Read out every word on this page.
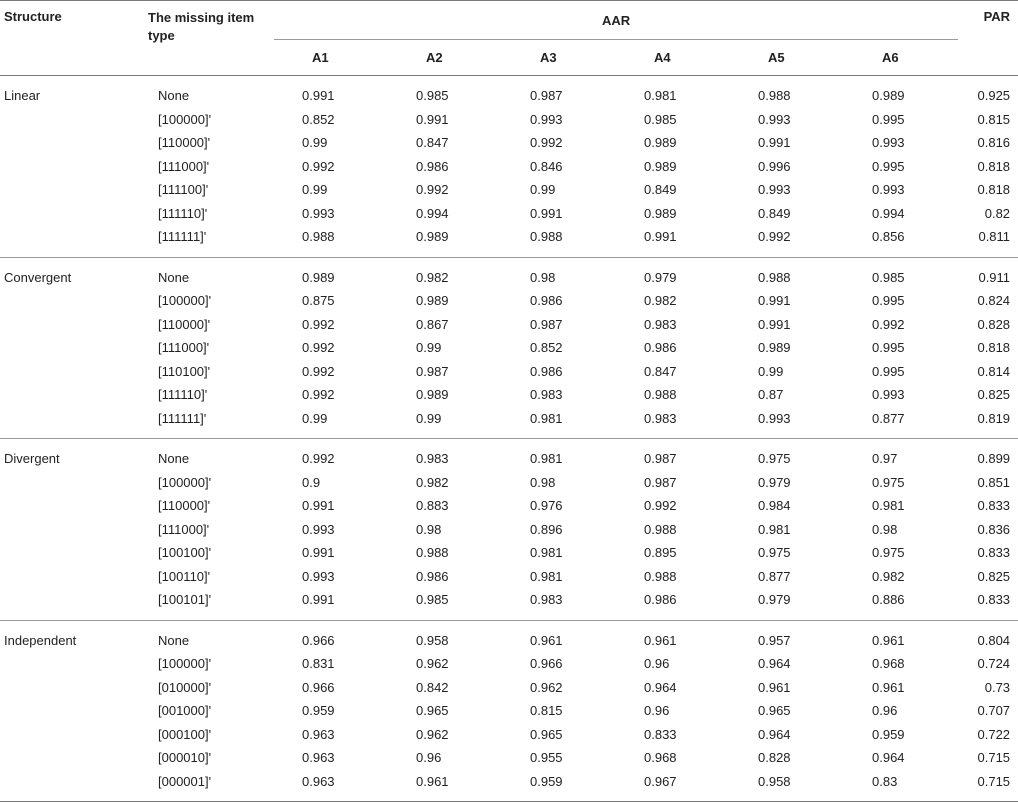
Structure	The missing item type	AAR						PAR
		A1	A2	A3	A4	A5	A6	
Linear	None	0.991	0.985	0.987	0.981	0.988	0.989	0.925
	[100000]'	0.852	0.991	0.993	0.985	0.993	0.995	0.815
	[110000]'	0.99	0.847	0.992	0.989	0.991	0.993	0.816
	[111000]'	0.992	0.986	0.846	0.989	0.996	0.995	0.818
	[111100]'	0.99	0.992	0.99	0.849	0.993	0.993	0.818
	[111110]'	0.993	0.994	0.991	0.989	0.849	0.994	0.82
	[111111]'	0.988	0.989	0.988	0.991	0.992	0.856	0.811
Convergent	None	0.989	0.982	0.98	0.979	0.988	0.985	0.911
	[100000]'	0.875	0.989	0.986	0.982	0.991	0.995	0.824
	[110000]'	0.992	0.867	0.987	0.983	0.991	0.992	0.828
	[111000]'	0.992	0.99	0.852	0.986	0.989	0.995	0.818
	[110100]'	0.992	0.987	0.986	0.847	0.99	0.995	0.814
	[111110]'	0.992	0.989	0.983	0.988	0.87	0.993	0.825
	[111111]'	0.99	0.99	0.981	0.983	0.993	0.877	0.819
Divergent	None	0.992	0.983	0.981	0.987	0.975	0.97	0.899
	[100000]'	0.9	0.982	0.98	0.987	0.979	0.975	0.851
	[110000]'	0.991	0.883	0.976	0.992	0.984	0.981	0.833
	[111000]'	0.993	0.98	0.896	0.988	0.981	0.98	0.836
	[100100]'	0.991	0.988	0.981	0.895	0.975	0.975	0.833
	[100110]'	0.993	0.986	0.981	0.988	0.877	0.982	0.825
	[100101]'	0.991	0.985	0.983	0.986	0.979	0.886	0.833
Independent	None	0.966	0.958	0.961	0.961	0.957	0.961	0.804
	[100000]'	0.831	0.962	0.966	0.96	0.964	0.968	0.724
	[010000]'	0.966	0.842	0.962	0.964	0.961	0.961	0.73
	[001000]'	0.959	0.965	0.815	0.96	0.965	0.96	0.707
	[000100]'	0.963	0.962	0.965	0.833	0.964	0.959	0.722
	[000010]'	0.963	0.96	0.955	0.968	0.828	0.964	0.715
	[000001]'	0.963	0.961	0.959	0.967	0.958	0.83	0.715
